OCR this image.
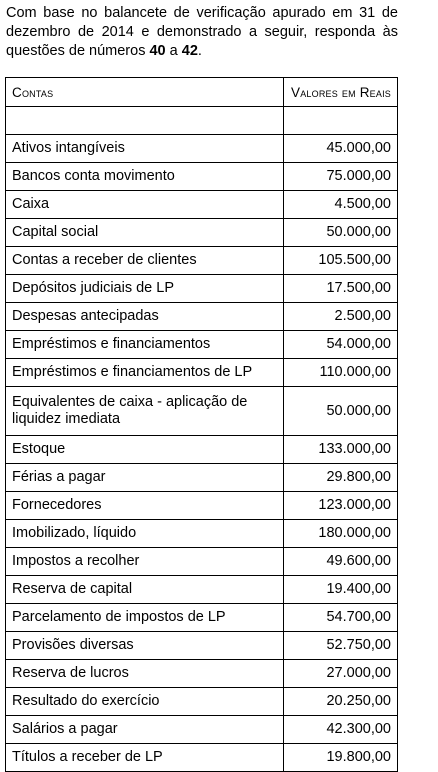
Com base no balancete de verificação apurado em 31 de dezembro de 2014 e demonstrado a seguir, responda às questões de números 40 a 42.
Contas	Valores em Reais

Ativos intangíveis	45.000,00
Bancos conta movimento	75.000,00
Caixa	4.500,00
Capital social	50.000,00
Contas a receber de clientes	105.500,00
Depósitos judiciais de LP	17.500,00
Despesas antecipadas	2.500,00
Empréstimos e financiamentos	54.000,00
Empréstimos e financiamentos de LP	110.000,00
Equivalentes de caixa - aplicação de liquidez imediata	50.000,00
Estoque	133.000,00
Férias a pagar	29.800,00
Fornecedores	123.000,00
Imobilizado, líquido	180.000,00
Impostos a recolher	49.600,00
Reserva de capital	19.400,00
Parcelamento de impostos de LP	54.700,00
Provisões diversas	52.750,00
Reserva de lucros	27.000,00
Resultado do exercício	20.250,00
Salários a pagar	42.300,00
Títulos a receber de LP	19.800,00
